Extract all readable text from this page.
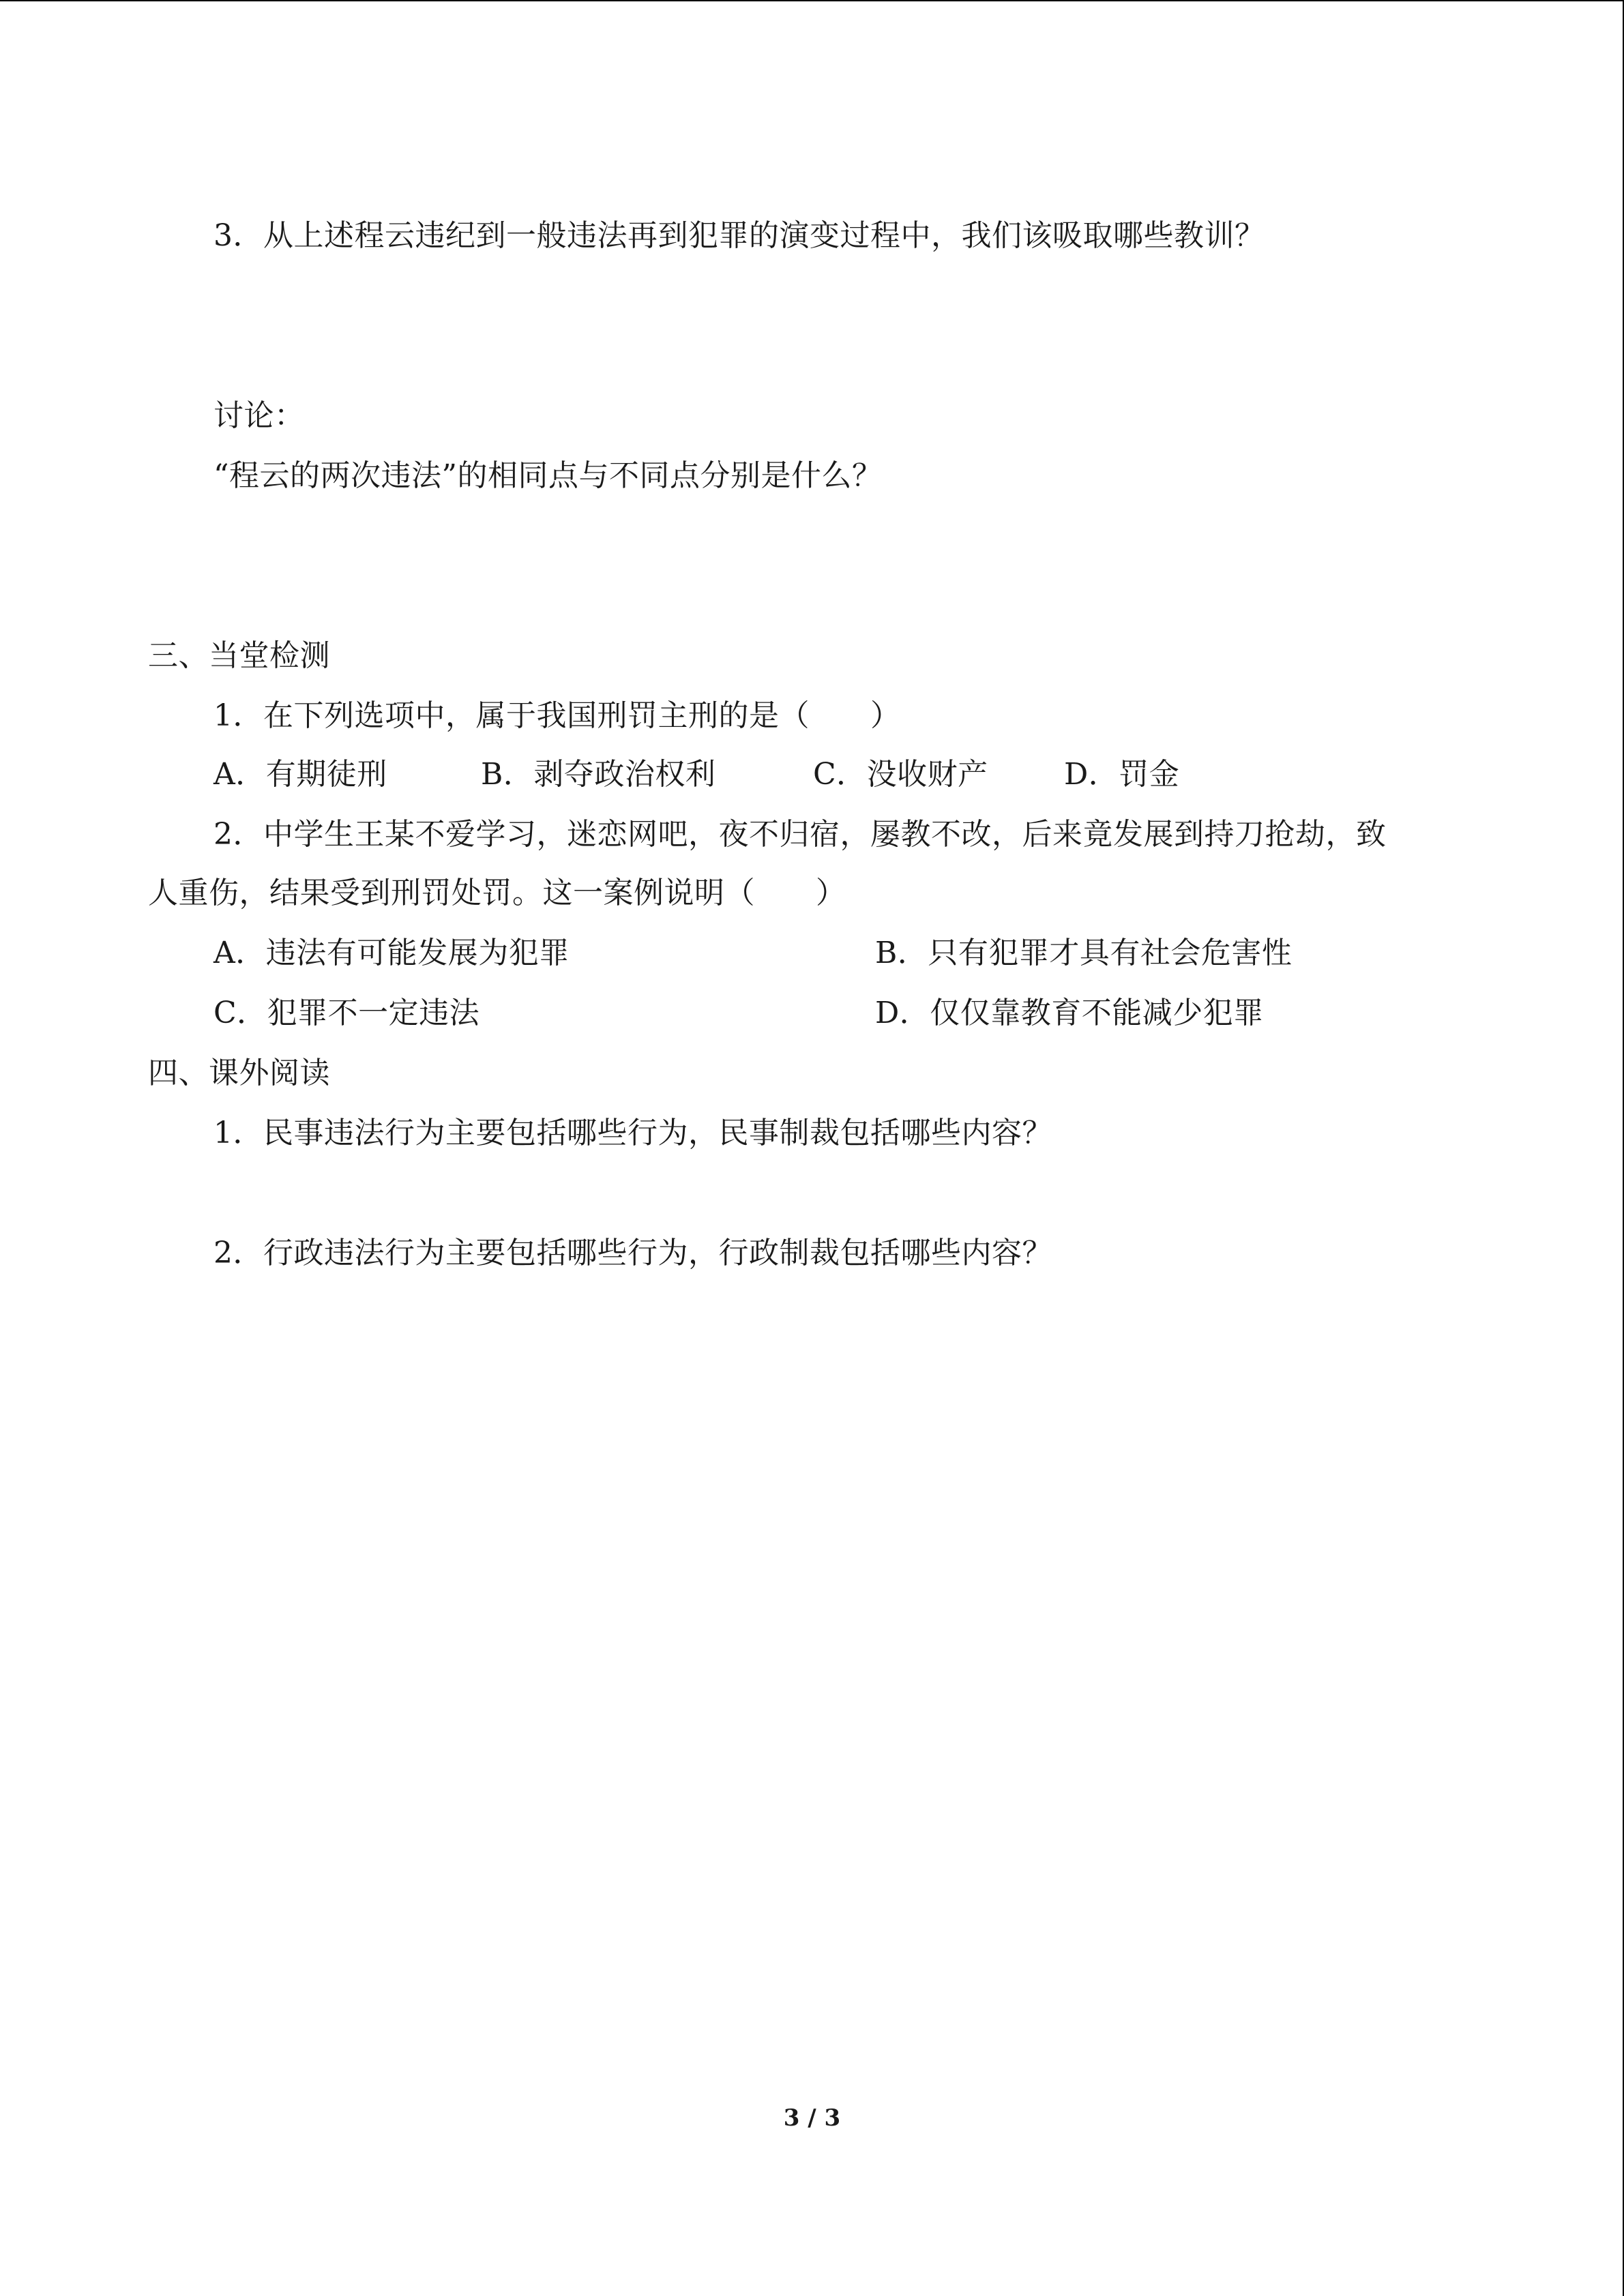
3．从上述程云违纪到一般违法再到犯罪的演变过程中，我们该吸取哪些教训？
讨论：
“程云的两次违法”的相同点与不同点分别是什么？
三、当堂检测
1．在下列选项中，属于我国刑罚主刑的是（　　）
A．有期徒刑	B．剥夺政治权利	C．没收财产	D．罚金
2．中学生王某不爱学习，迷恋网吧，夜不归宿，屡教不改，后来竟发展到持刀抢劫，致
人重伤，结果受到刑罚处罚。这一案例说明（　　）
A．违法有可能发展为犯罪	B．只有犯罪才具有社会危害性
C．犯罪不一定违法	D．仅仅靠教育不能减少犯罪
四、课外阅读
1．民事违法行为主要包括哪些行为，民事制裁包括哪些内容？
2．行政违法行为主要包括哪些行为，行政制裁包括哪些内容？
3 / 3
